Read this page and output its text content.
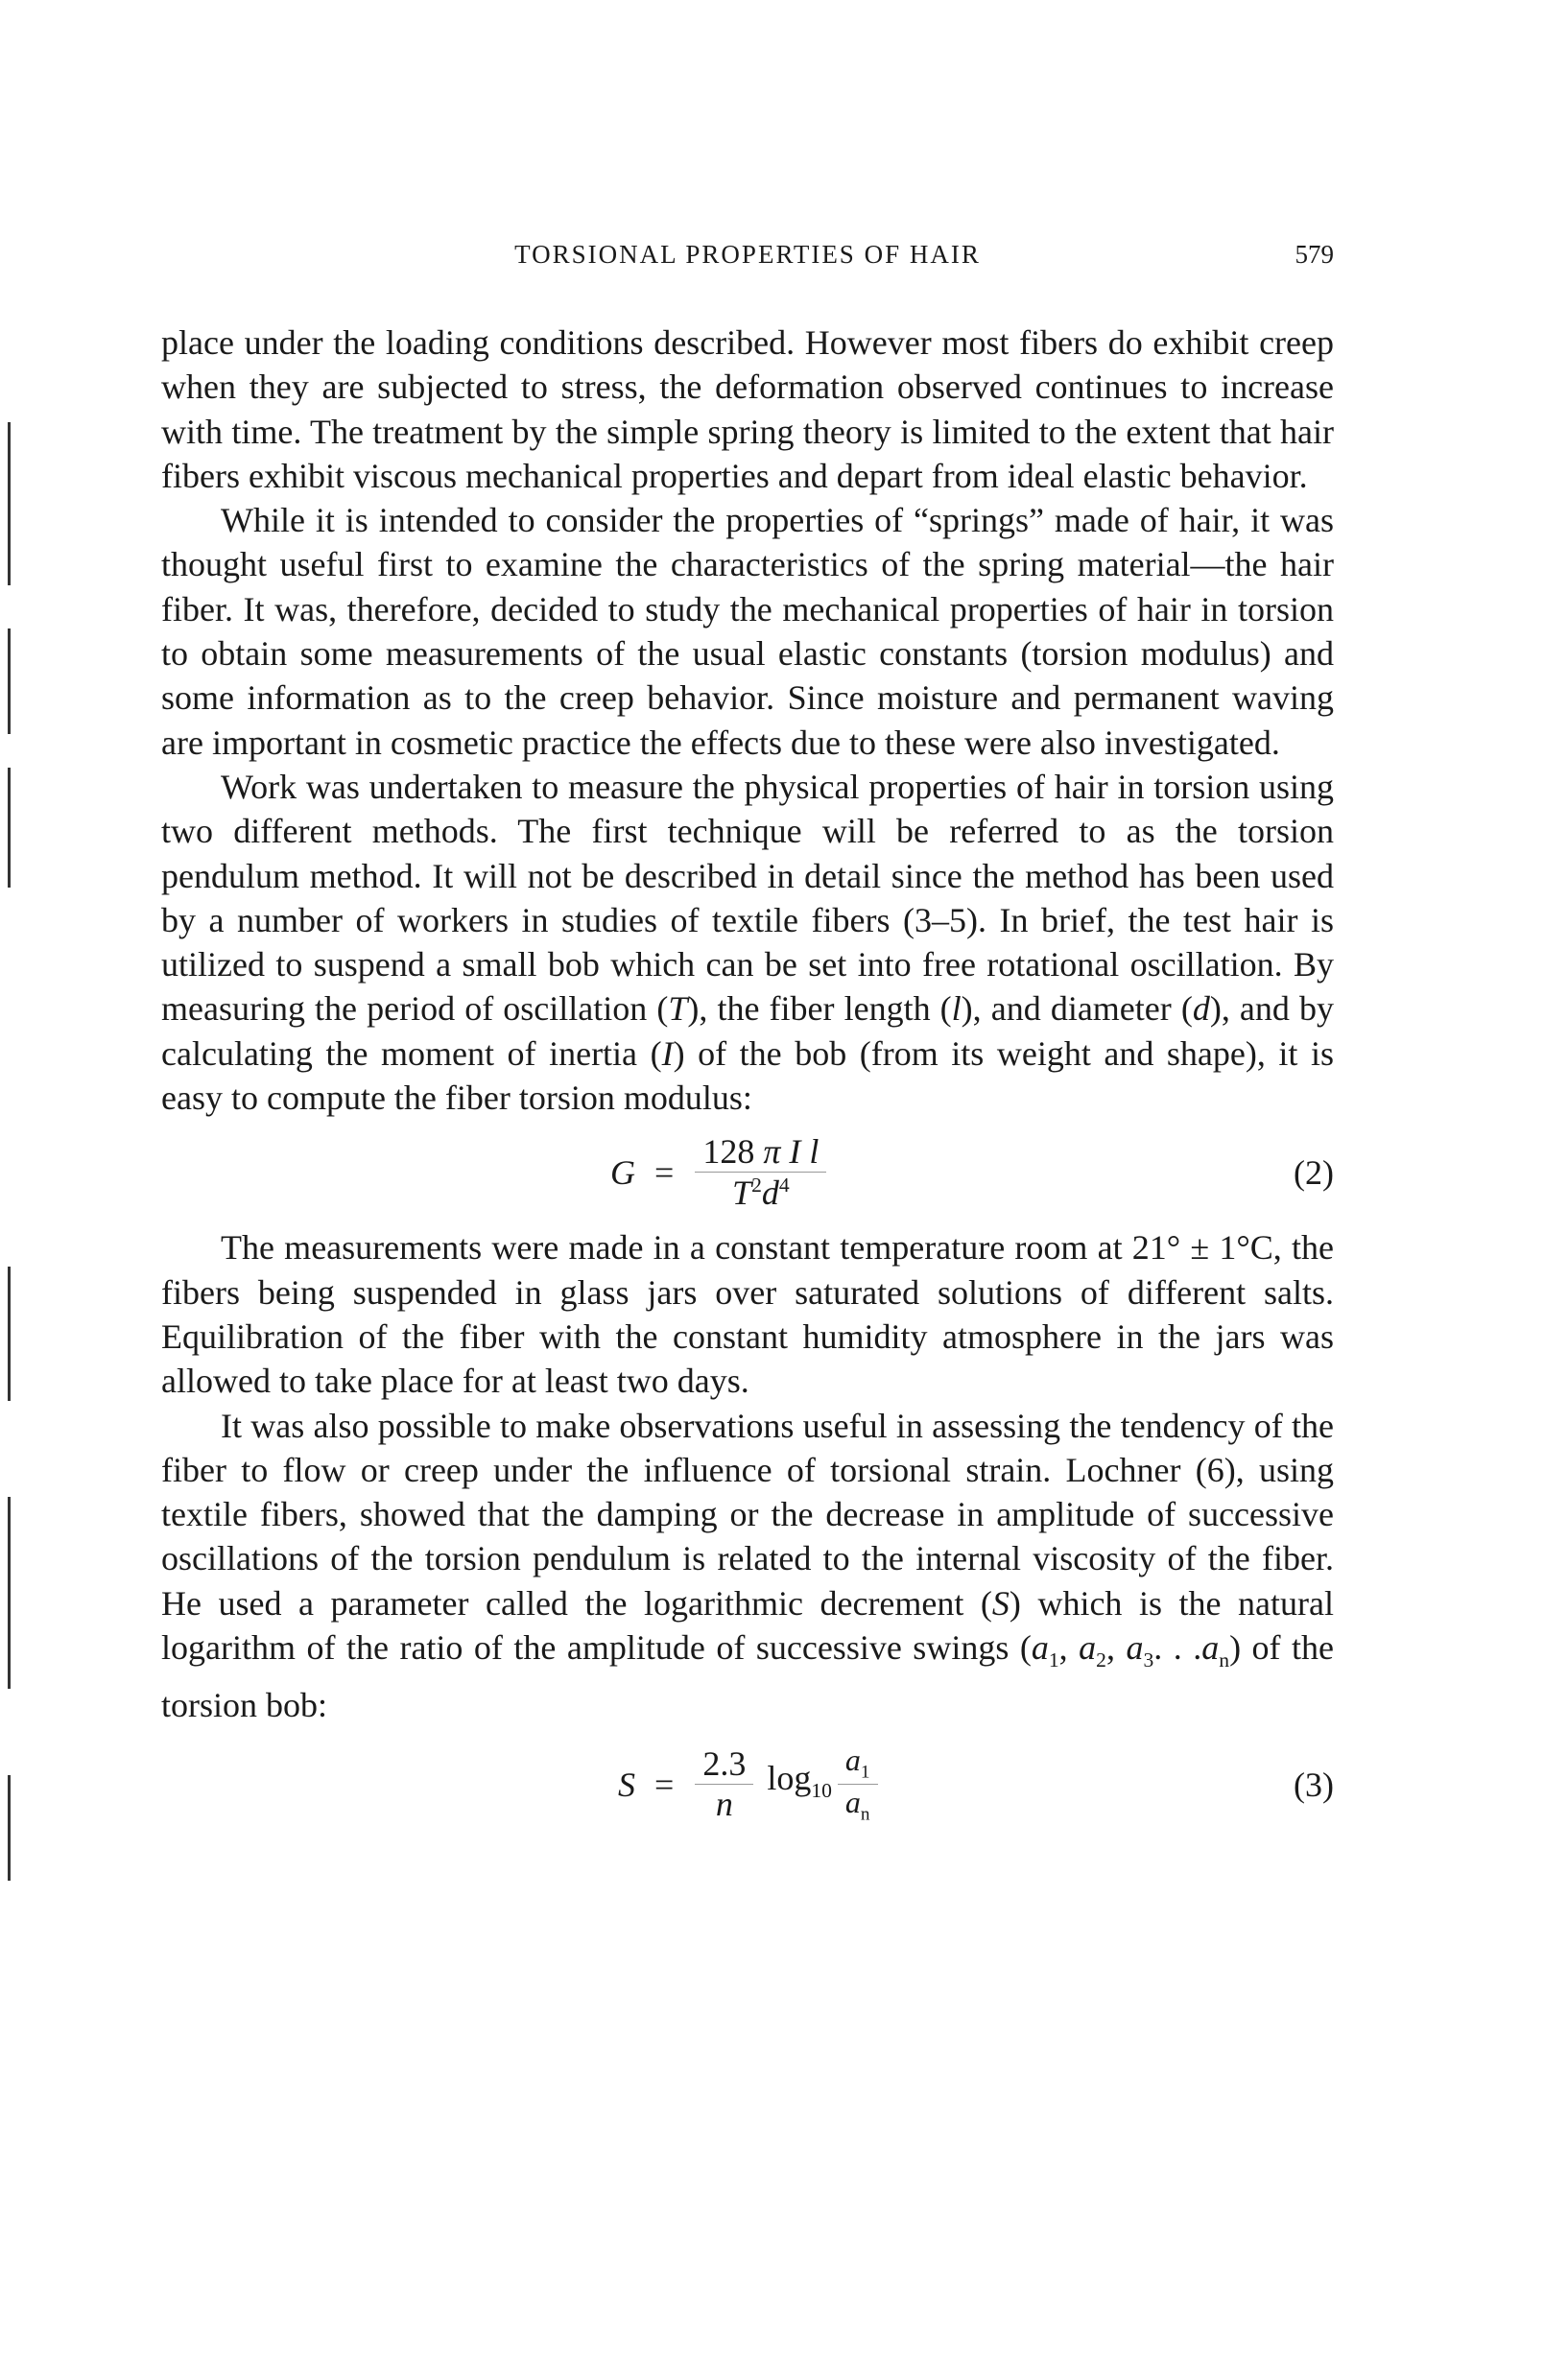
TORSIONAL PROPERTIES OF HAIR	579

place under the loading conditions described. However most fibers do exhibit creep when they are subjected to stress, the deformation observed continues to increase with time. The treatment by the simple spring theory is limited to the extent that hair fibers exhibit viscous mechanical properties and depart from ideal elastic behavior.

While it is intended to consider the properties of “springs” made of hair, it was thought useful first to examine the characteristics of the spring material—the hair fiber. It was, therefore, decided to study the mechanical properties of hair in torsion to obtain some measurements of the usual elastic constants (torsion modulus) and some information as to the creep behavior. Since moisture and permanent waving are important in cosmetic practice the effects due to these were also investigated.

Work was undertaken to measure the physical properties of hair in torsion using two different methods. The first technique will be referred to as the torsion pendulum method. It will not be described in detail since the method has been used by a number of workers in studies of textile fibers (3–5). In brief, the test hair is utilized to suspend a small bob which can be set into free rotational oscillation. By measuring the period of oscillation (T), the fiber length (l), and diameter (d), and by calculating the moment of inertia (I) of the bob (from its weight and shape), it is easy to compute the fiber torsion modulus:

$G = \frac{\text{128 π I l}}{T^2d^4}$	(2)

The measurements were made in a constant temperature room at 21° ± 1°C, the fibers being suspended in glass jars over saturated solutions of different salts. Equilibration of the fiber with the constant humidity atmosphere in the jars was allowed to take place for at least two days.

It was also possible to make observations useful in assessing the tendency of the fiber to flow or creep under the influence of torsional strain. Lochner (6), using textile fibers, showed that the damping or the decrease in amplitude of successive oscillations of the torsion pendulum is related to the internal viscosity of the fiber. He used a parameter called the logarithmic decrement (S) which is the natural logarithm of the ratio of the amplitude of successive swings ($a_1$, $a_2$, $a_3$. . $.a_n$) of the torsion bob:

$S = \frac{2.3}{n} \log_{10} \frac{a_1}{a_n}$	(3)
